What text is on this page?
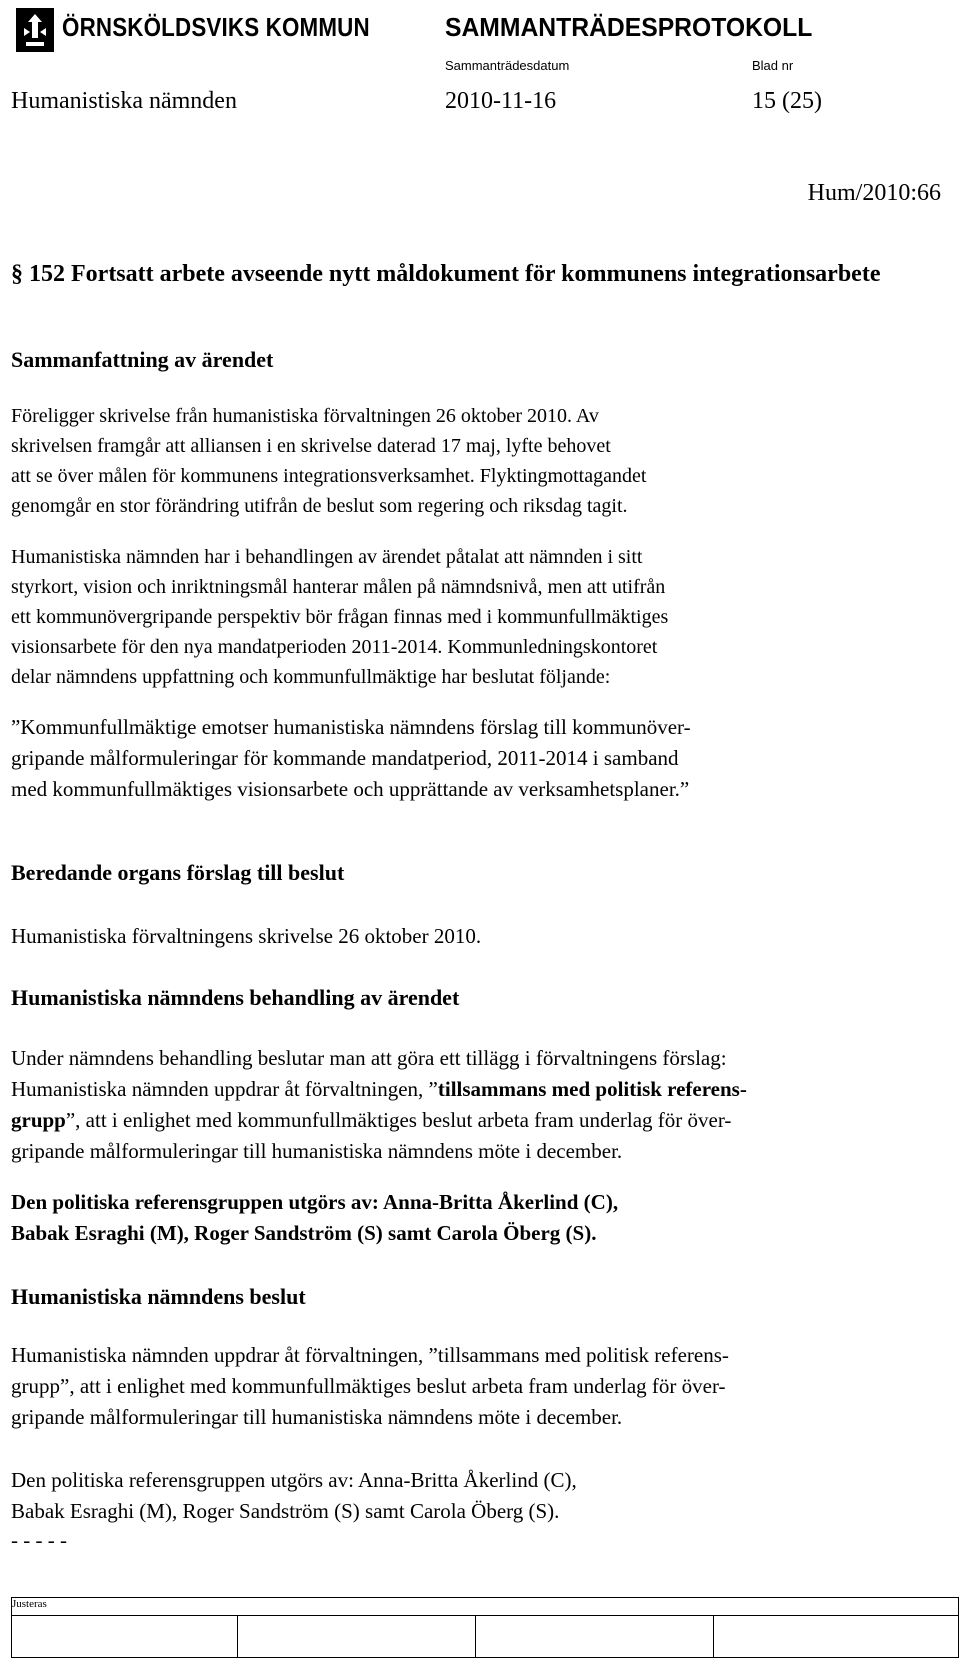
ÖRNSKÖLDSVIKS KOMMUN	SAMMANTRÄDESPROTOKOLL
Sammanträdesdatum	Blad nr
Humanistiska nämnden	2010-11-16	15 (25)
Hum/2010:66
§ 152 Fortsatt arbete avseende nytt måldokument för kommunens integrationsarbete
Sammanfattning av ärendet
Föreligger skrivelse från humanistiska förvaltningen 26 oktober 2010. Av
skrivelsen framgår att alliansen i en skrivelse daterad 17 maj, lyfte behovet
att se över målen för kommunens integrationsverksamhet. Flyktingmottagandet
genomgår en stor förändring utifrån de beslut som regering och riksdag tagit.
Humanistiska nämnden har i behandlingen av ärendet påtalat att nämnden i sitt
styrkort, vision och inriktningsmål hanterar målen på nämndsnivå, men att utifrån
ett kommunövergripande perspektiv bör frågan finnas med i kommunfullmäktiges
visionsarbete för den nya mandatperioden 2011-2014. Kommunledningskontoret
delar nämndens uppfattning och kommunfullmäktige har beslutat följande:
”Kommunfullmäktige emotser humanistiska nämndens förslag till kommunöver-
gripande målformuleringar för kommande mandatperiod, 2011-2014 i samband
med kommunfullmäktiges visionsarbete och upprättande av verksamhetsplaner.”
Beredande organs förslag till beslut
Humanistiska förvaltningens skrivelse 26 oktober 2010.
Humanistiska nämndens behandling av ärendet
Under nämndens behandling beslutar man att göra ett tillägg i förvaltningens förslag:
Humanistiska nämnden uppdrar åt förvaltningen, ”tillsammans med politisk referens-
grupp”, att i enlighet med kommunfullmäktiges beslut arbeta fram underlag för över-
gripande målformuleringar till humanistiska nämndens möte i december.
Den politiska referensgruppen utgörs av: Anna-Britta Åkerlind (C),
Babak Esraghi (M), Roger Sandström (S) samt Carola Öberg (S).
Humanistiska nämndens beslut
Humanistiska nämnden uppdrar åt förvaltningen, ”tillsammans med politisk referens-
grupp”, att i enlighet med kommunfullmäktiges beslut arbeta fram underlag för över-
gripande målformuleringar till humanistiska nämndens möte i december.
Den politiska referensgruppen utgörs av: Anna-Britta Åkerlind (C),
Babak Esraghi (M), Roger Sandström (S) samt Carola Öberg (S).
- - - - -
Justeras
